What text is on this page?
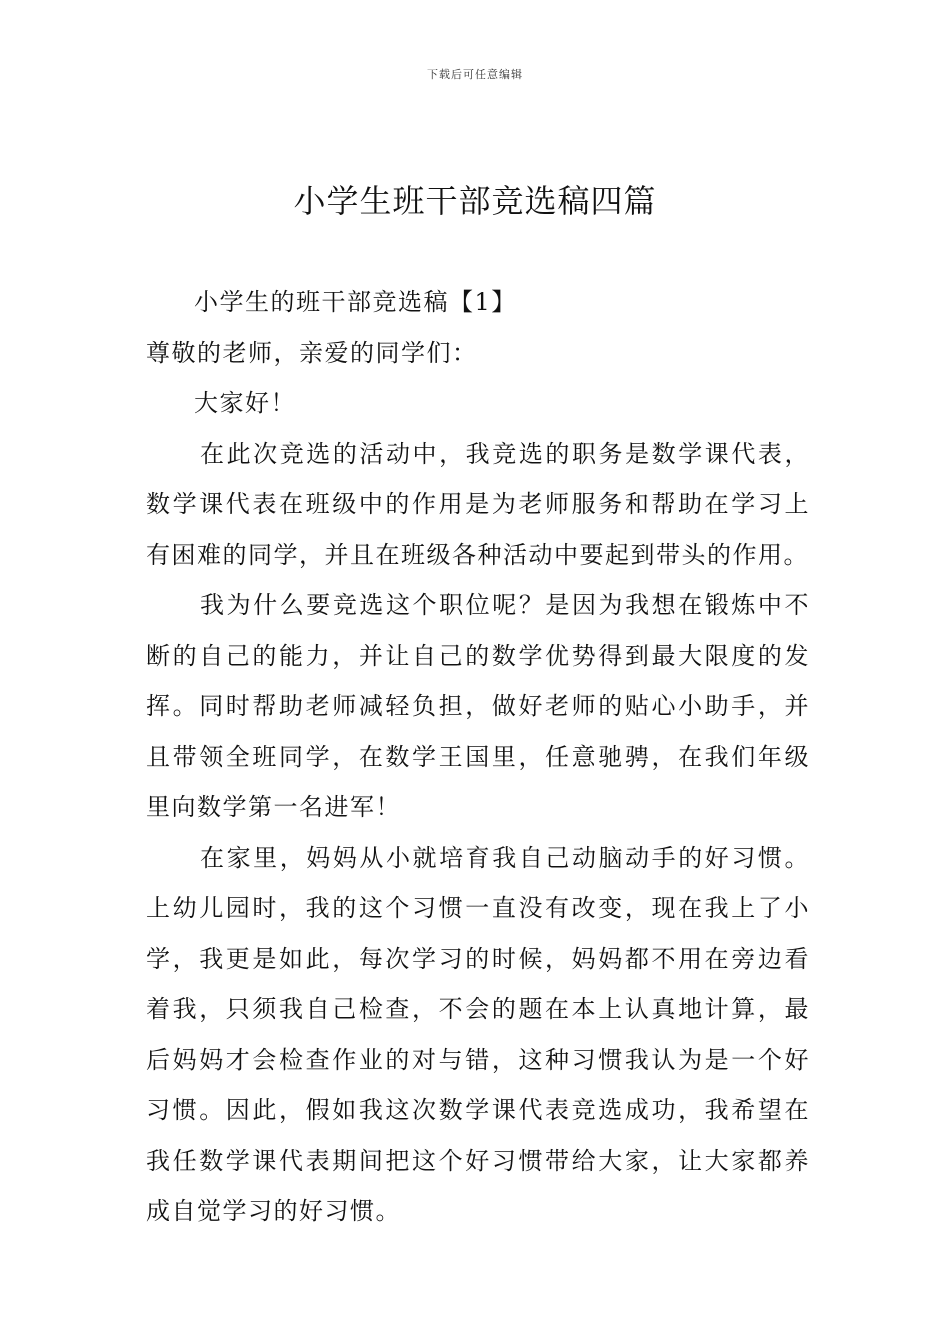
下载后可任意编辑
小学生班干部竞选稿四篇
小学生的班干部竞选稿【1】
尊敬的老师，亲爱的同学们：
大家好！
在此次竞选的活动中，我竞选的职务是数学课代表，
数学课代表在班级中的作用是为老师服务和帮助在学习上
有困难的同学，并且在班级各种活动中要起到带头的作用。
我为什么要竞选这个职位呢？是因为我想在锻炼中不
断的自己的能力，并让自己的数学优势得到最大限度的发
挥。同时帮助老师减轻负担，做好老师的贴心小助手，并
且带领全班同学，在数学王国里，任意驰骋，在我们年级
里向数学第一名进军！
在家里，妈妈从小就培育我自己动脑动手的好习惯。
上幼儿园时，我的这个习惯一直没有改变，现在我上了小
学，我更是如此，每次学习的时候，妈妈都不用在旁边看
着我，只须我自己检查，不会的题在本上认真地计算，最
后妈妈才会检查作业的对与错，这种习惯我认为是一个好
习惯。因此，假如我这次数学课代表竞选成功，我希望在
我任数学课代表期间把这个好习惯带给大家，让大家都养
成自觉学习的好习惯。
